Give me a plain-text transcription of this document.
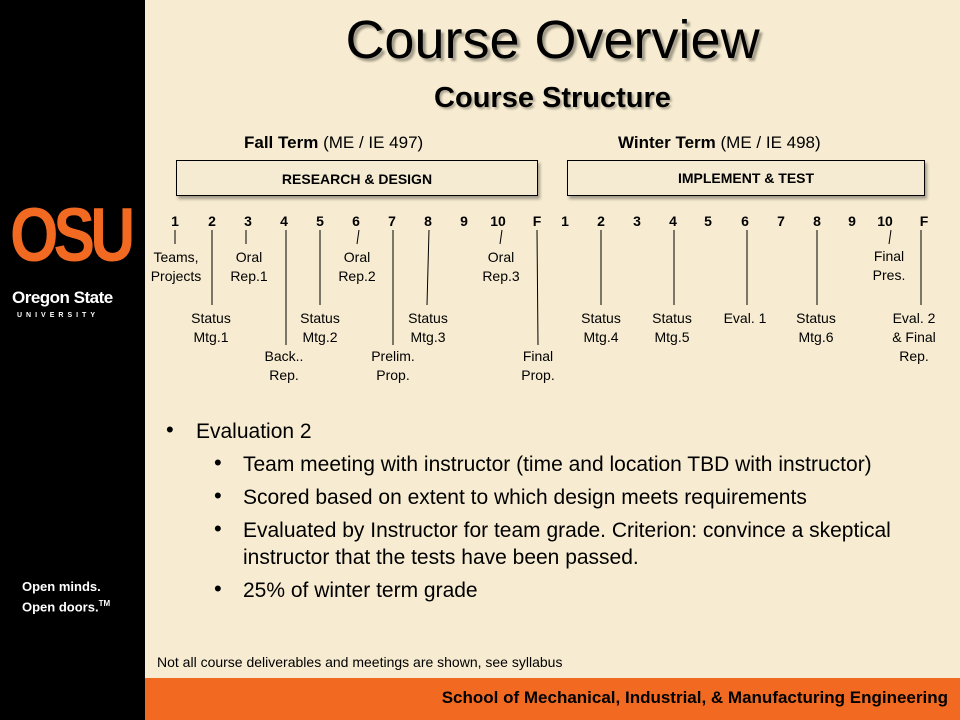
OSU
Oregon State
UNIVERSITY
Open minds.
Open doors.™
Course Overview
Course Structure
Fall Term (ME / IE 497)	Winter Term (ME / IE 498)
RESEARCH & DESIGN	IMPLEMENT & TEST
1	2	3	4	5	6	7	8	9	10	F	1	2	3	4	5	6	7	8	9	10	F
Teams, Projects
Oral Rep.1
Status Mtg.1
Back.. Rep.
Status Mtg.2
Oral Rep.2
Prelim. Prop.
Status Mtg.3
Oral Rep.3
Final Prop.
Status Mtg.4
Status Mtg.5
Eval. 1	Status Mtg.6
Final Pres.
Eval. 2 & Final Rep.
• Evaluation 2
• Team meeting with instructor (time and location TBD with instructor)
• Scored based on extent to which design meets requirements
• Evaluated by Instructor for team grade. Criterion: convince a skeptical instructor that the tests have been passed.
• 25% of winter term grade
Not all course deliverables and meetings are shown, see syllabus
School of Mechanical, Industrial, & Manufacturing Engineering
